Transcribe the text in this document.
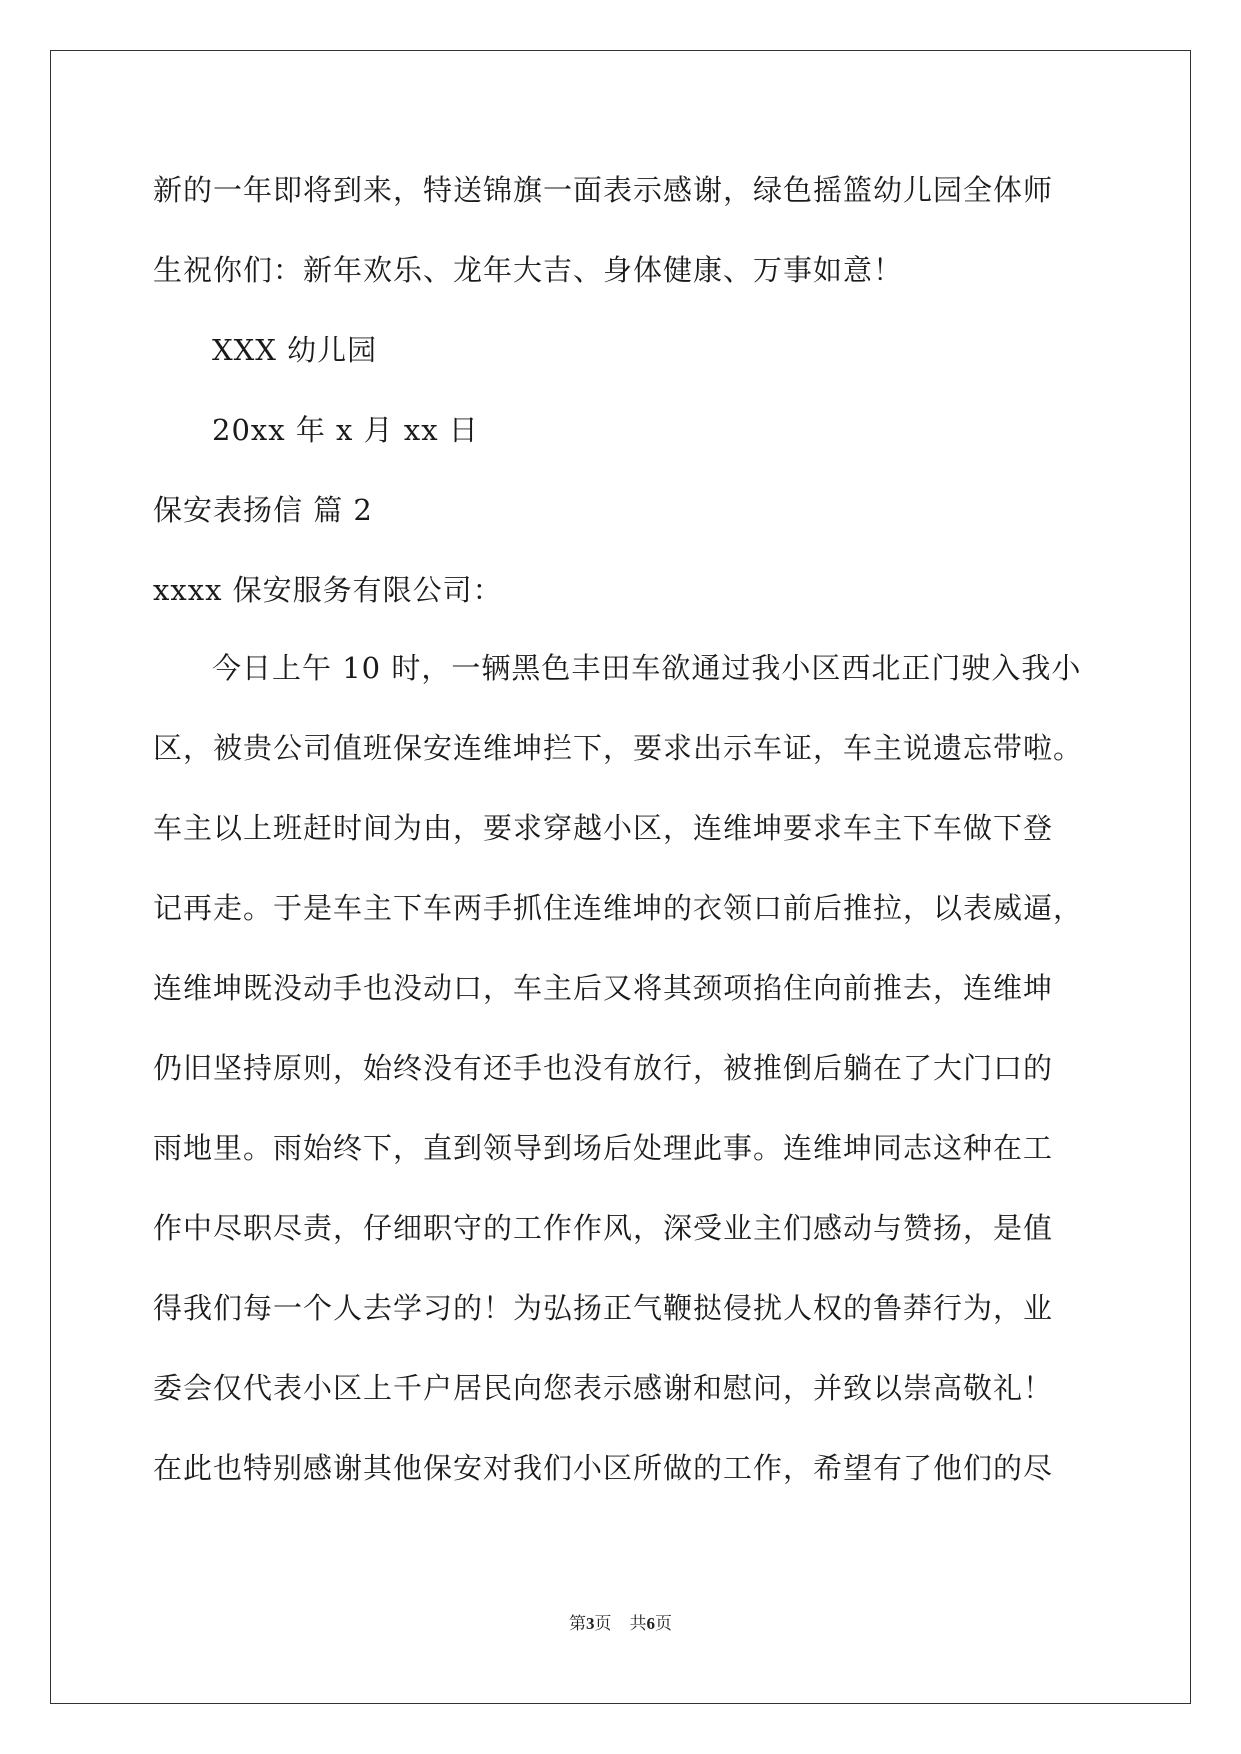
新的一年即将到来，特送锦旗一面表示感谢，绿色摇篮幼儿园全体师
生祝你们：新年欢乐、龙年大吉、身体健康、万事如意！
XXX 幼儿园
20xx 年 x 月 xx 日
保安表扬信 篇 2
xxxx 保安服务有限公司：
今日上午 10 时，一辆黑色丰田车欲通过我小区西北正门驶入我小
区，被贵公司值班保安连维坤拦下，要求出示车证，车主说遗忘带啦。
车主以上班赶时间为由，要求穿越小区，连维坤要求车主下车做下登
记再走。于是车主下车两手抓住连维坤的衣领口前后推拉，以表威逼，
连维坤既没动手也没动口，车主后又将其颈项掐住向前推去，连维坤
仍旧坚持原则，始终没有还手也没有放行，被推倒后躺在了大门口的
雨地里。雨始终下，直到领导到场后处理此事。连维坤同志这种在工
作中尽职尽责，仔细职守的工作作风，深受业主们感动与赞扬，是值
得我们每一个人去学习的！为弘扬正气鞭挞侵扰人权的鲁莽行为，业
委会仅代表小区上千户居民向您表示感谢和慰问，并致以崇高敬礼！
在此也特别感谢其他保安对我们小区所做的工作，希望有了他们的尽
第3页 共6页
